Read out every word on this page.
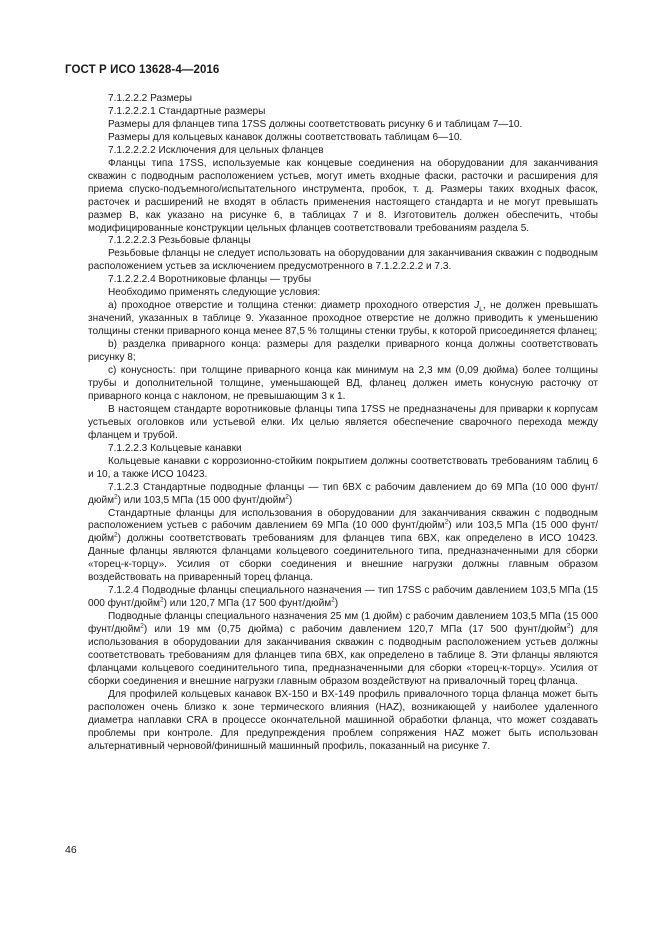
ГОСТ Р ИСО 13628-4—2016

7.1.2.2.2 Размеры

7.1.2.2.2.1 Стандартные размеры

Размеры для фланцев типа 17SS должны соответствовать рисунку 6 и таблицам 7—10.

Размеры для кольцевых канавок должны соответствовать таблицам 6—10.

7.1.2.2.2.2 Исключения для цельных фланцев

Фланцы типа 17SS, используемые как концевые соединения на оборудовании для заканчивания скважин с подводным расположением устьев, могут иметь входные фаски, расточки и расширения для приема спуско-подъемного/испытательного инструмента, пробок, т. д. Размеры таких входных фасок, расточек и расширений не входят в область применения настоящего стандарта и не могут превышать размер В, как указано на рисунке 6, в таблицах 7 и 8. Изготовитель должен обеспечить, чтобы модифицированные конструкции цельных фланцев соответствовали требованиям раздела 5.

7.1.2.2.2.3 Резьбовые фланцы

Резьбовые фланцы не следует использовать на оборудовании для заканчивания скважин с подводным расположением устьев за исключением предусмотренного в 7.1.2.2.2.2 и 7.3.

7.1.2.2.2.4 Воротниковые фланцы — трубы

Необходимо применять следующие условия:

a) проходное отверстие и толщина стенки: диаметр проходного отверстия $J_L$, не должен превышать значений, указанных в таблице 9. Указанное проходное отверстие не должно приводить к уменьшению толщины стенки приварного конца менее 87,5 % толщины стенки трубы, к которой присоединяется фланец;

b) разделка приварного конца: размеры для разделки приварного конца должны соответствовать рисунку 8;

c) конусность: при толщине приварного конца как минимум на 2,3 мм (0,09 дюйма) более толщины трубы и дополнительной толщине, уменьшающей ВД, фланец должен иметь конусную расточку от приварного конца с наклоном, не превышающим 3 к 1.

В настоящем стандарте воротниковые фланцы типа 17SS не предназначены для приварки к корпусам устьевых оголовков или устьевой елки. Их целью является обеспечение сварочного перехода между фланцем и трубой.

7.1.2.2.3 Кольцевые канавки

Кольцевые канавки с коррозионно-стойким покрытием должны соответствовать требованиям таблиц 6 и 10, а также ИСО 10423.

7.1.2.3 Стандартные подводные фланцы — тип 6BX с рабочим давлением до 69 МПа (10 000 фунт/дюйм$^2$) или 103,5 МПа (15 000 фунт/дюйм$^2$)

Стандартные фланцы для использования в оборудовании для заканчивания скважин с подводным расположением устьев с рабочим давлением 69 МПа (10 000 фунт/дюйм$^2$) или 103,5 МПа (15 000 фунт/дюйм$^2$) должны соответствовать требованиям для фланцев типа 6BX, как определено в ИСО 10423. Данные фланцы являются фланцами кольцевого соединительного типа, предназначенными для сборки «торец-к-торцу». Усилия от сборки соединения и внешние нагрузки должны главным образом воздействовать на приваренный торец фланца.

7.1.2.4 Подводные фланцы специального назначения — тип 17SS с рабочим давлением 103,5 МПа (15 000 фунт/дюйм$^2$) или 120,7 МПа (17 500 фунт/дюйм$^2$)

Подводные фланцы специального назначения 25 мм (1 дюйм) с рабочим давлением 103,5 МПа (15 000 фунт/дюйм$^2$) или 19 мм (0,75 дюйма) с рабочим давлением 120,7 МПа (17 500 фунт/дюйм$^2$) для использования в оборудовании для заканчивания скважин с подводным расположением устьев должны соответствовать требованиям для фланцев типа 6BX, как определено в таблице 8. Эти фланцы являются фланцами кольцевого соединительного типа, предназначенными для сборки «торец-к-торцу». Усилия от сборки соединения и внешние нагрузки главным образом воздействуют на привалочный торец фланца.

Для профилей кольцевых канавок BX-150 и BX-149 профиль привалочного торца фланца может быть расположен очень близко к зоне термического влияния (HAZ), возникающей у наиболее удаленного диаметра наплавки CRA в процессе окончательной машинной обработки фланца, что может создавать проблемы при контроле. Для предупреждения проблем сопряжения HAZ может быть использован альтернативный черновой/финишный машинный профиль, показанный на рисунке 7.

46
